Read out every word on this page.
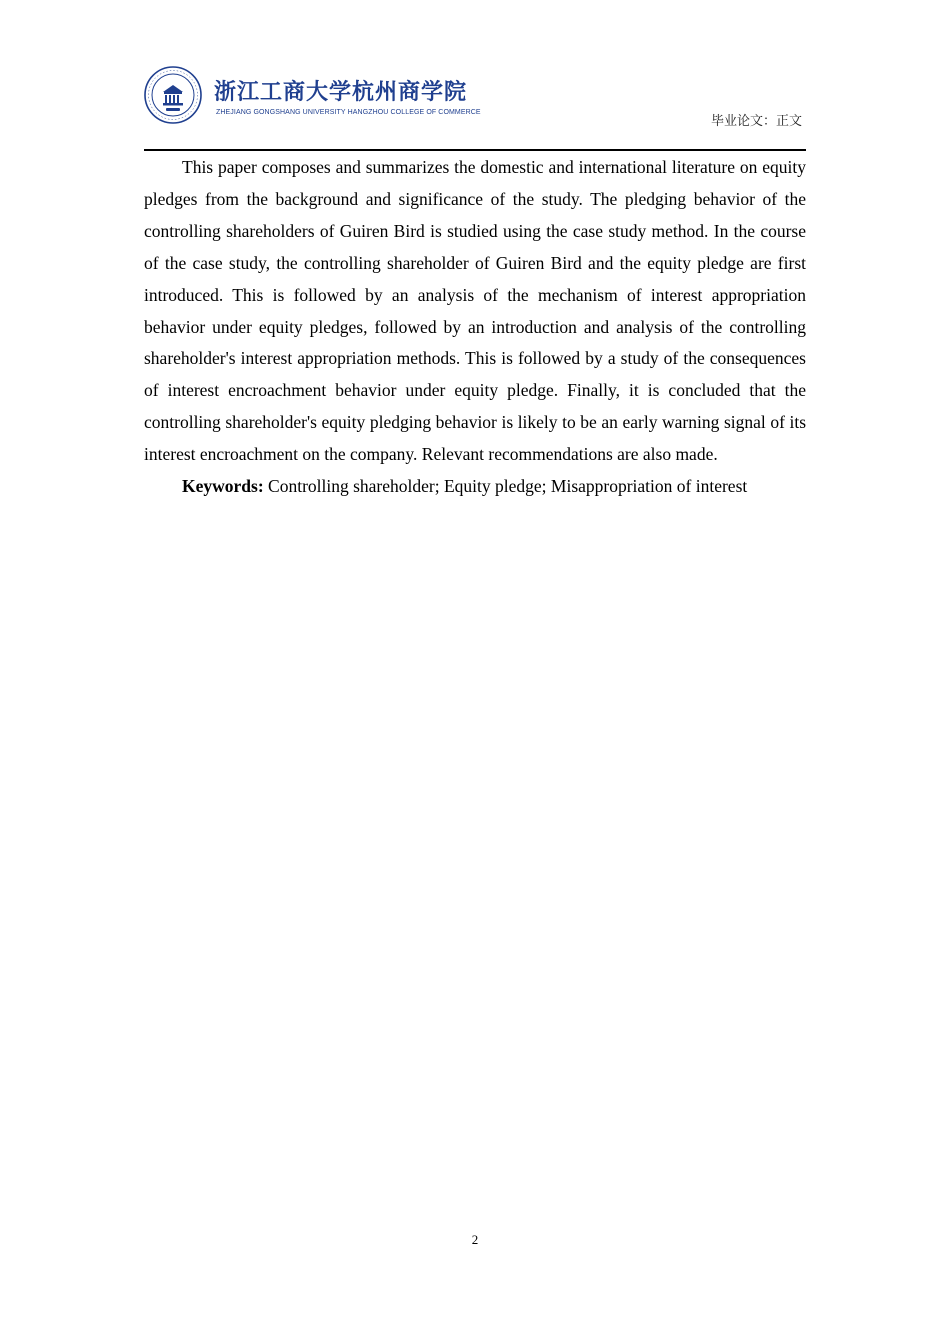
浙江工商大学杭州商学院
ZHEJIANG GONGSHANG UNIVERSITY HANGZHOU COLLEGE OF COMMERCE
毕业论文：正文

This paper composes and summarizes the domestic and international literature on equity pledges from the background and significance of the study. The pledging behavior of the controlling shareholders of Guiren Bird is studied using the case study method. In the course of the case study, the controlling shareholder of Guiren Bird and the equity pledge are first introduced. This is followed by an analysis of the mechanism of interest appropriation behavior under equity pledges, followed by an introduction and analysis of the controlling shareholder's interest appropriation methods. This is followed by a study of the consequences of interest encroachment behavior under equity pledge. Finally, it is concluded that the controlling shareholder's equity pledging behavior is likely to be an early warning signal of its interest encroachment on the company. Relevant recommendations are also made.

Keywords: Controlling shareholder; Equity pledge; Misappropriation of interest

2
